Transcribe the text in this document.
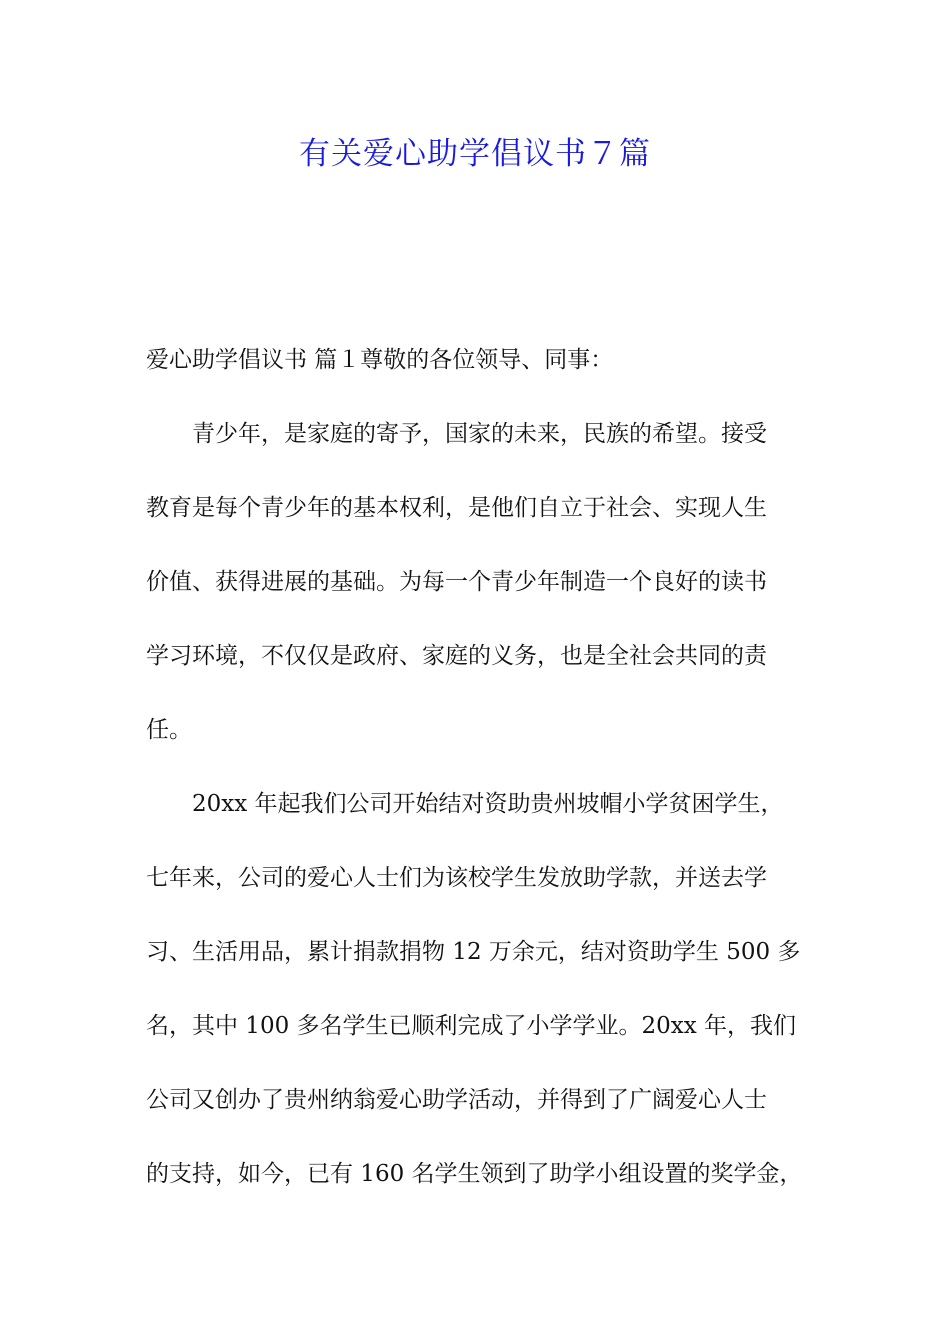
有关爱心助学倡议书７篇

爱心助学倡议书 篇１尊敬的各位领导、同事：

青少年，是家庭的寄予，国家的未来，民族的希望。接受

教育是每个青少年的基本权利，是他们自立于社会、实现人生

价值、获得进展的基础。为每一个青少年制造一个良好的读书

学习环境，不仅仅是政府、家庭的义务，也是全社会共同的责

任。

20xx 年起我们公司开始结对资助贵州坡帽小学贫困学生，

七年来，公司的爱心人士们为该校学生发放助学款，并送去学

习、生活用品，累计捐款捐物 12 万余元，结对资助学生 500 多

名，其中 100 多名学生已顺利完成了小学学业。20xx 年，我们

公司又创办了贵州纳翁爱心助学活动，并得到了广阔爱心人士

的支持，如今，已有 160 名学生领到了助学小组设置的奖学金，
